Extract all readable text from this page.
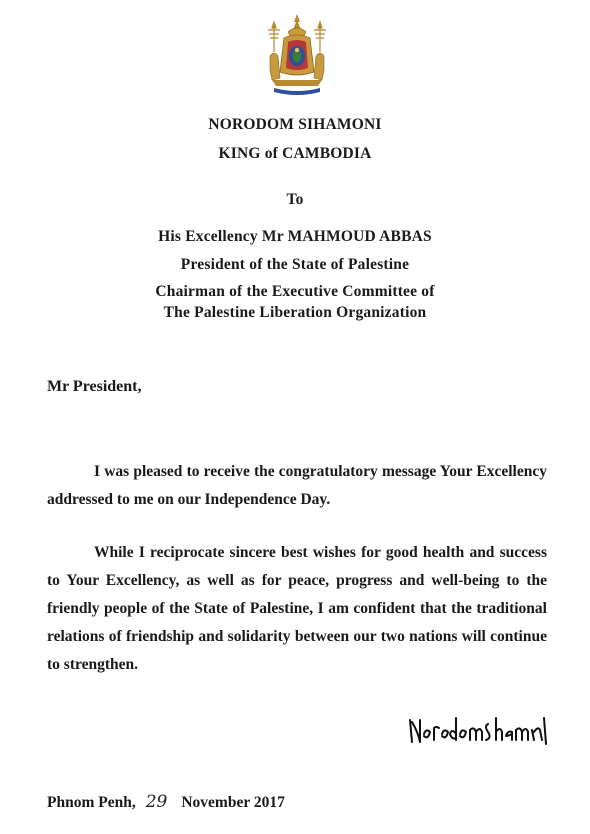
NORODOM SIHAMONI
KING of CAMBODIA
To
His Excellency Mr MAHMOUD ABBAS
President of the State of Palestine
Chairman of the Executive Committee of
The Palestine Liberation Organization
Mr President,
I was pleased to receive the congratulatory message Your Excellency addressed to me on our Independence Day.
While I reciprocate sincere best wishes for good health and success to Your Excellency, as well as for peace, progress and well-being to the friendly people of the State of Palestine, I am confident that the traditional relations of friendship and solidarity between our two nations will continue to strengthen.
Phnom Penh, 29 November 2017
